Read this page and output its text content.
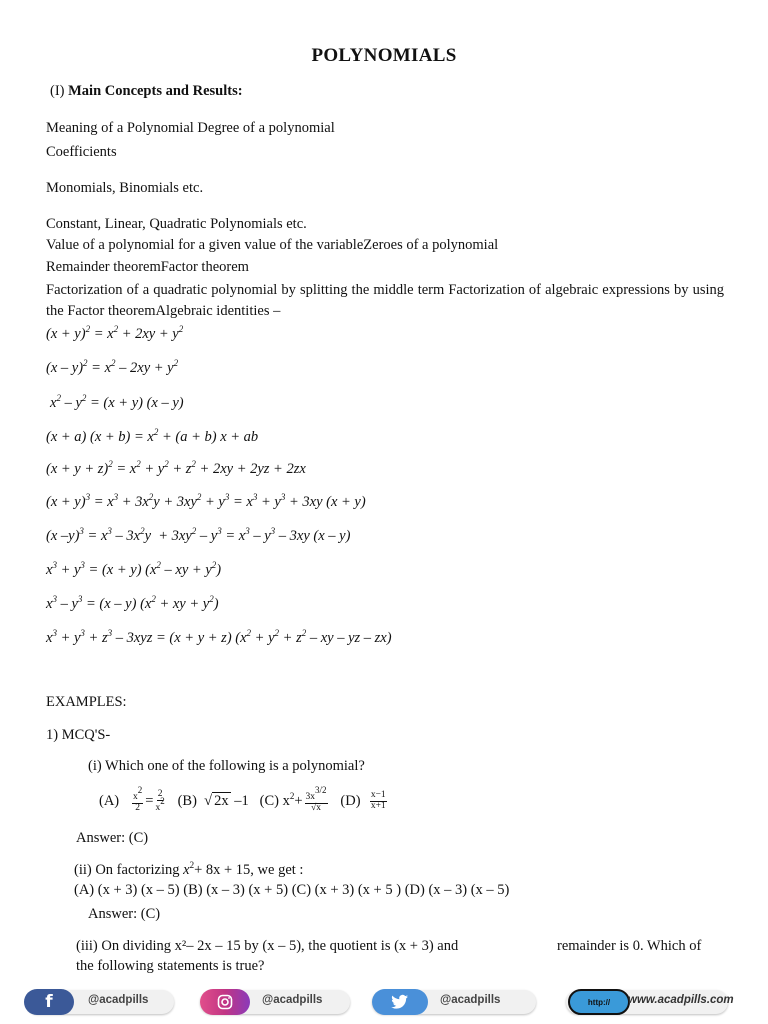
POLYNOMIALS
(I) Main Concepts and Results:
Meaning of a Polynomial Degree of a polynomial
Coefficients
Monomials, Binomials etc.
Constant, Linear, Quadratic Polynomials etc.
Value of a polynomial for a given value of the variableZeroes of a polynomial
Remainder theoremFactor theorem
Factorization of a quadratic polynomial by splitting the middle term Factorization of algebraic expressions by using the Factor theoremAlgebraic identities –
$(x + y)^2 = x^2 + 2xy + y^2$
$(x - y)^2 = x^2 - 2xy + y^2$
$x^2 - y^2 = (x + y)$ (x – y)
(x + a) $(x + b) = x^2 + (a + b) x$ + ab
$(x + y + z)^2 = x^2 + y^2 + z^2 + 2xy + 2yz + 2zx$
$(x + y)^3 = x^3 + 3x^2y + 3xy^2 + y^3 = x^3 + y^3 + 3xy$ (x + y)
(x $-y)^3 = x^3 - 3x^2y + 3xy^2 - y^3 = x^3 - y^3 - 3xy$ (x – y)
$x^3 + y^3 = (x + y)$ ($x^2$ – xy + $y^2$)
$x^3 - y^3 = (x - y) (x^2$ + xy + $y^2$)
$x^3 + y^3 + z^3 - 3xyz = (x + y + z) (x^2 + y^2 + z^2$ – xy – yz – zx)
EXAMPLES:
1) MCQ'S-
(i) Which one of the following is a polynomial?
$(A) \frac{x^2}{2} = \frac{2}{x^2} (B)$  √ 2x –1   (C) $x^2+ \frac{3x^{3/2}}{√x} (D) \frac{x-1}{x+1}$
Answer: (C)
(ii) On factorizing $x^2+ 8x + 15$, we get :
(A) (x + 3) (x – 5) (B) (x – 3) (x + 5) (C) (x + 3) (x + 5 ) (D) (x – 3) (x – 5)
Answer: (C)
(iii) On dividing x²– 2x – 15 by (x – 5), the quotient is (x + 3) and	remainder is 0. Which of
the following statements is true?
f	@acadpills	@acadpills	@acadpills	http:// www.acadpills.com
